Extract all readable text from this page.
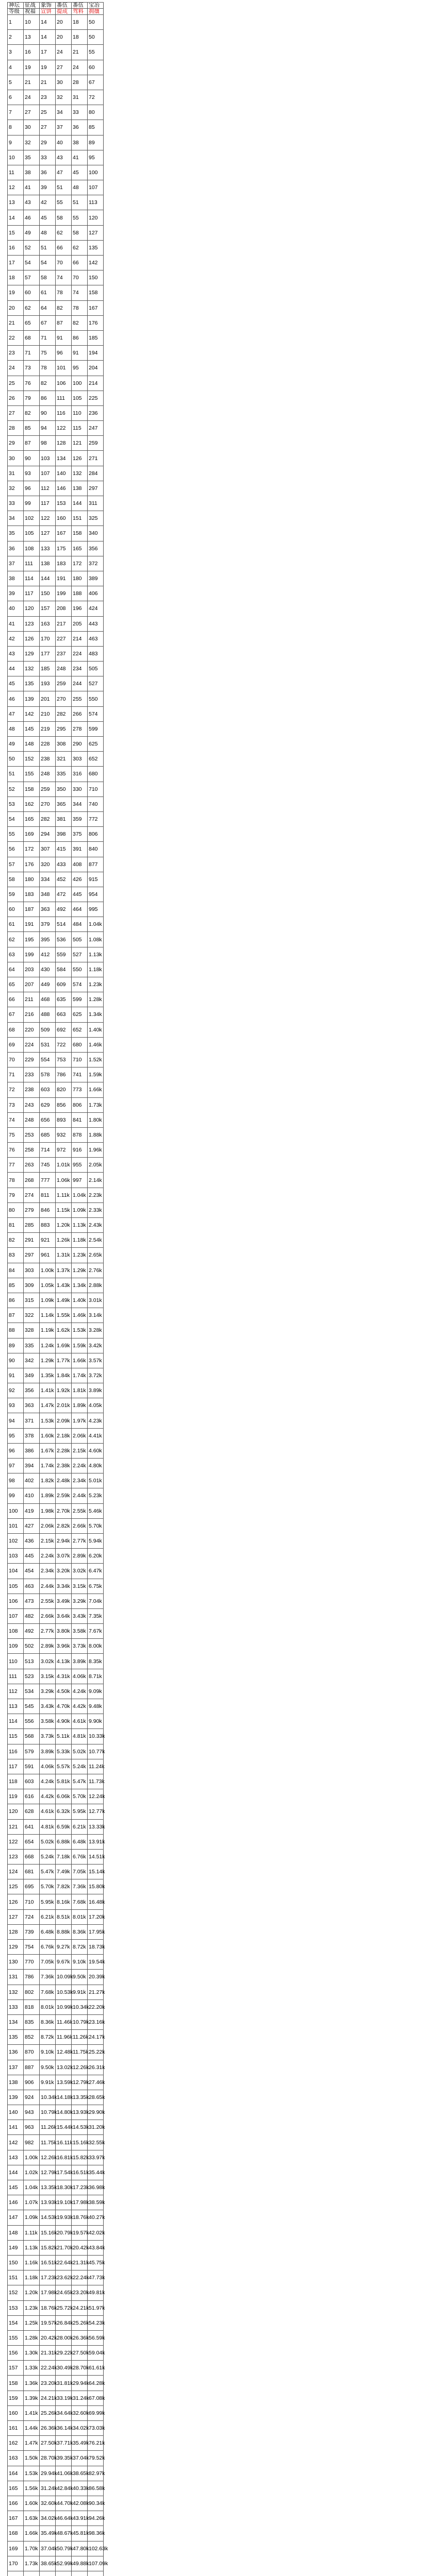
神坛	征战	象饰	番伍	番伍	宝冶
等级	祝福	宣饼	提成	驾料	拥攘
1	10	14	20	18	50
2	13	14	20	18	50
3	16	17	24	21	55
4	19	19	27	24	60
5	21	21	30	28	67
6	24	23	32	31	72
7	27	25	34	33	80
8	30	27	37	36	85
9	32	29	40	38	89
10	35	33	43	41	95
11	38	36	47	45	100
12	41	39	51	48	107
13	43	42	55	51	113
14	46	45	58	55	120
15	49	48	62	58	127
16	52	51	66	62	135
17	54	54	70	66	142
18	57	58	74	70	150
19	60	61	78	74	158
20	62	64	82	78	167
21	65	67	87	82	176
22	68	71	91	86	185
23	71	75	96	91	194
24	73	78	101	95	204
25	76	82	106	100	214
26	79	86	111	105	225
27	82	90	116	110	236
28	85	94	122	115	247
29	87	98	128	121	259
30	90	103	134	126	271
31	93	107	140	132	284
32	96	112	146	138	297
33	99	117	153	144	311
34	102	122	160	151	325
35	105	127	167	158	340
36	108	133	175	165	356
37	111	138	183	172	372
38	114	144	191	180	389
39	117	150	199	188	406
40	120	157	208	196	424
41	123	163	217	205	443
42	126	170	227	214	463
43	129	177	237	224	483
44	132	185	248	234	505
45	135	193	259	244	527
46	139	201	270	255	550
47	142	210	282	266	574
48	145	219	295	278	599
49	148	228	308	290	625
50	152	238	321	303	652
51	155	248	335	316	680
52	158	259	350	330	710
53	162	270	365	344	740
54	165	282	381	359	772
55	169	294	398	375	806
56	172	307	415	391	840
57	176	320	433	408	877
58	180	334	452	426	915
59	183	348	472	445	954
60	187	363	492	464	995
61	191	379	514	484	1.04k
62	195	395	536	505	1.08k
63	199	412	559	527	1.13k
64	203	430	584	550	1.18k
65	207	449	609	574	1.23k
66	211	468	635	599	1.28k
67	216	488	663	625	1.34k
68	220	509	692	652	1.40k
69	224	531	722	680	1.46k
70	229	554	753	710	1.52k
71	233	578	786	741	1.59k
72	238	603	820	773	1.66k
73	243	629	856	806	1.73k
74	248	656	893	841	1.80k
75	253	685	932	878	1.88k
76	258	714	972	916	1.96k
77	263	745	1.01k	955	2.05k
78	268	777	1.06k	997	2.14k
79	274	811	1.11k	1.04k	2.23k
80	279	846	1.15k	1.09k	2.33k
81	285	883	1.20k	1.13k	2.43k
82	291	921	1.26k	1.18k	2.54k
83	297	961	1.31k	1.23k	2.65k
84	303	1.00k	1.37k	1.29k	2.76k
85	309	1.05k	1.43k	1.34k	2.88k
86	315	1.09k	1.49k	1.40k	3.01k
87	322	1.14k	1.55k	1.46k	3.14k
88	328	1.19k	1.62k	1.53k	3.28k
89	335	1.24k	1.69k	1.59k	3.42k
90	342	1.29k	1.77k	1.66k	3.57k
91	349	1.35k	1.84k	1.74k	3.72k
92	356	1.41k	1.92k	1.81k	3.89k
93	363	1.47k	2.01k	1.89k	4.05k
94	371	1.53k	2.09k	1.97k	4.23k
95	378	1.60k	2.18k	2.06k	4.41k
96	386	1.67k	2.28k	2.15k	4.60k
97	394	1.74k	2.38k	2.24k	4.80k
98	402	1.82k	2.48k	2.34k	5.01k
99	410	1.89k	2.59k	2.44k	5.23k
100	419	1.98k	2.70k	2.55k	5.46k
101	427	2.06k	2.82k	2.66k	5.70k
102	436	2.15k	2.94k	2.77k	5.94k
103	445	2.24k	3.07k	2.89k	6.20k
104	454	2.34k	3.20k	3.02k	6.47k
105	463	2.44k	3.34k	3.15k	6.75k
106	473	2.55k	3.49k	3.29k	7.04k
107	482	2.66k	3.64k	3.43k	7.35k
108	492	2.77k	3.80k	3.58k	7.67k
109	502	2.89k	3.96k	3.73k	8.00k
110	513	3.02k	4.13k	3.89k	8.35k
111	523	3.15k	4.31k	4.06k	8.71k
112	534	3.29k	4.50k	4.24k	9.09k
113	545	3.43k	4.70k	4.42k	9.48k
114	556	3.58k	4.90k	4.61k	9.90k
115	568	3.73k	5.11k	4.81k	10.33k
116	579	3.89k	5.33k	5.02k	10.77k
117	591	4.06k	5.57k	5.24k	11.24k
118	603	4.24k	5.81k	5.47k	11.73k
119	616	4.42k	6.06k	5.70k	12.24k
120	628	4.61k	6.32k	5.95k	12.77k
121	641	4.81k	6.59k	6.21k	13.33k
122	654	5.02k	6.88k	6.48k	13.91k
123	668	5.24k	7.18k	6.76k	14.51k
124	681	5.47k	7.49k	7.05k	15.14k
125	695	5.70k	7.82k	7.36k	15.80k
126	710	5.95k	8.16k	7.68k	16.48k
127	724	6.21k	8.51k	8.01k	17.20k
128	739	6.48k	8.88k	8.36k	17.95k
129	754	6.76k	9.27k	8.72k	18.73k
130	770	7.05k	9.67k	9.10k	19.54k
131	786	7.36k	10.09k	9.50k	20.39k
132	802	7.68k	10.53k	9.91k	21.27k
133	818	8.01k	10.99k	10.34k	22.20k
134	835	8.36k	11.46k	10.79k	23.16k
135	852	8.72k	11.96k	11.26k	24.17k
136	870	9.10k	12.48k	11.75k	25.22k
137	887	9.50k	13.02k	12.26k	26.31k
138	906	9.91k	13.59k	12.79k	27.46k
139	924	10.34k	14.18k	13.35k	28.65k
140	943	10.79k	14.80k	13.93k	29.90k
141	963	11.26k	15.44k	14.53k	31.20k
142	982	11.75k	16.11k	15.16k	32.55k
143	1.00k	12.26k	16.81k	15.82k	33.97k
144	1.02k	12.79k	17.54k	16.51k	35.44k
145	1.04k	13.35k	18.30k	17.23k	36.98k
146	1.07k	13.93k	19.10k	17.98k	38.59k
147	1.09k	14.53k	19.93k	18.76k	40.27k
148	1.11k	15.16k	20.79k	19.57k	42.02k
149	1.13k	15.82k	21.70k	20.42k	43.84k
150	1.16k	16.51k	22.64k	21.31k	45.75k
151	1.18k	17.23k	23.62k	22.24k	47.73k
152	1.20k	17.98k	24.65k	23.20k	49.81k
153	1.23k	18.76k	25.72k	24.21k	51.97k
154	1.25k	19.57k	26.84k	25.26k	54.23k
155	1.28k	20.42k	28.00k	26.36k	56.59k
156	1.30k	21.31k	29.22k	27.50k	59.04k
157	1.33k	22.24k	30.49k	28.70k	61.61k
158	1.36k	23.20k	31.81k	29.94k	64.28k
159	1.39k	24.21k	33.19k	31.24k	67.08k
160	1.41k	25.26k	34.64k	32.60k	69.99k
161	1.44k	26.36k	36.14k	34.02k	73.03k
162	1.47k	27.50k	37.71k	35.49k	76.21k
163	1.50k	28.70k	39.35k	37.04k	79.52k
164	1.53k	29.94k	41.06k	38.65k	82.97k
165	1.56k	31.24k	42.84k	40.33k	86.58k
166	1.60k	32.60k	44.70k	42.08k	90.34k
167	1.63k	34.02k	46.64k	43.91k	94.26k
168	1.66k	35.49k	48.67k	45.81k	98.36k
169	1.70k	37.04k	50.79k	47.80k	102.63k
170	1.73k	38.65k	52.99k	49.88k	107.09k
